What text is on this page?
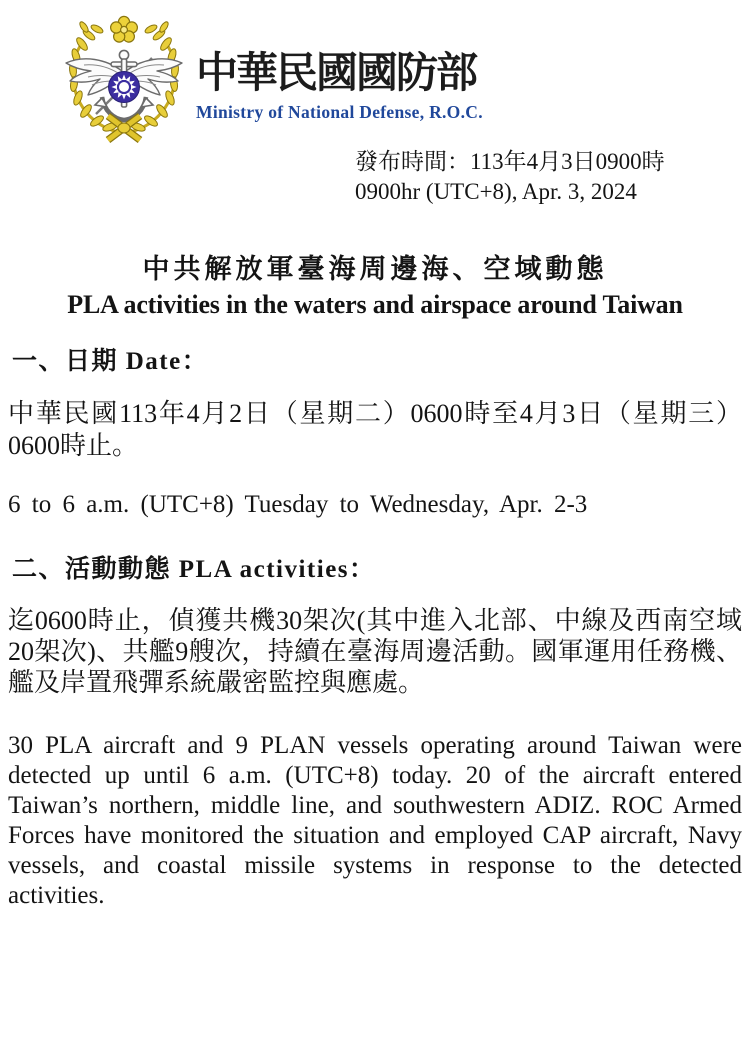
中華民國國防部
Ministry of National Defense, R.O.C.
發布時間：113年4月3日0900時
0900hr (UTC+8), Apr. 3, 2024
中共解放軍臺海周邊海、空域動態
PLA activities in the waters and airspace around Taiwan
一、日期 Date：
中華民國113年4月2日（星期二）0600時至4月3日（星期三）0600時止。
6 to 6 a.m. (UTC+8) Tuesday to Wednesday, Apr. 2-3
二、活動動態 PLA activities：
迄0600時止，偵獲共機30架次(其中進入北部、中線及西南空域20架次)、共艦9艘次，持續在臺海周邊活動。國軍運用任務機、艦及岸置飛彈系統嚴密監控與應處。
30 PLA aircraft and 9 PLAN vessels operating around Taiwan were detected up until 6 a.m. (UTC+8) today. 20 of the aircraft entered Taiwan’s northern, middle line, and southwestern ADIZ. ROC Armed Forces have monitored the situation and employed CAP aircraft, Navy vessels, and coastal missile systems in response to the detected activities.
